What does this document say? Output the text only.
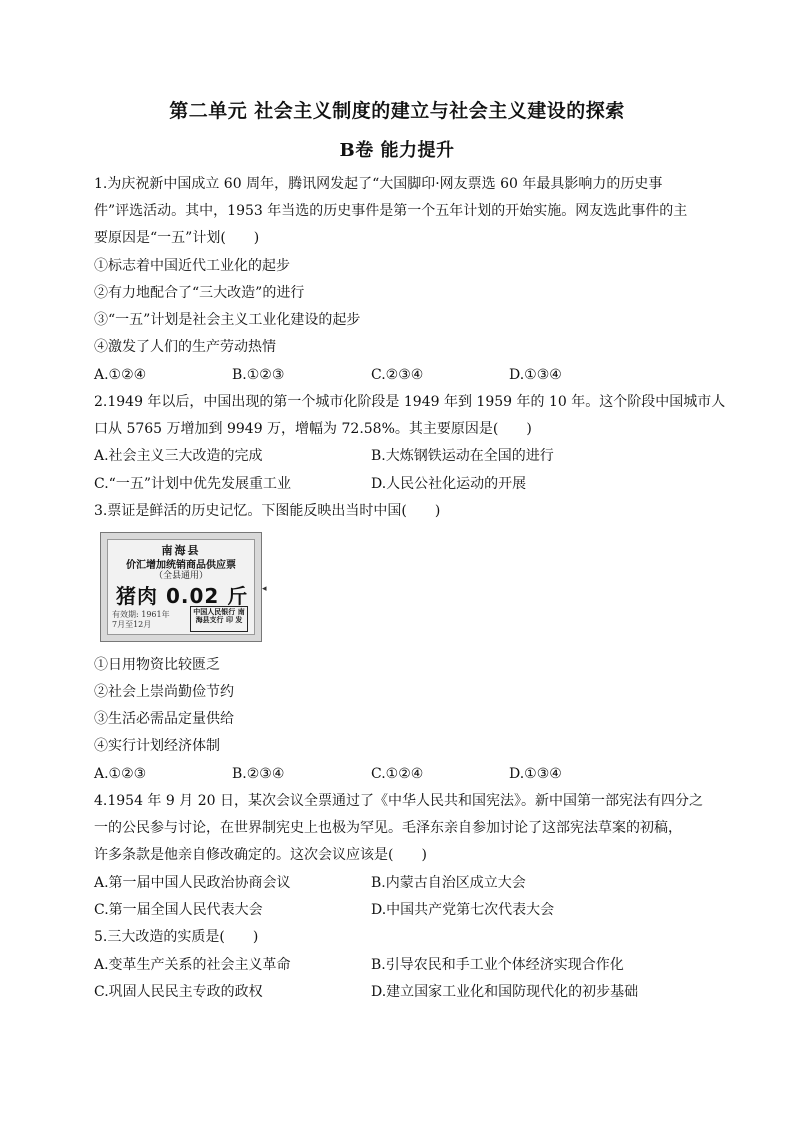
第二单元 社会主义制度的建立与社会主义建设的探索
B卷 能力提升
1.为庆祝新中国成立 60 周年，腾讯网发起了“大国脚印·网友票选 60 年最具影响力的历史事
件”评选活动。其中，1953 年当选的历史事件是第一个五年计划的开始实施。网友选此事件的主
要原因是“一五”计划(　　)
①标志着中国近代工业化的起步
②有力地配合了“三大改造”的进行
③“一五”计划是社会主义工业化建设的起步
④激发了人们的生产劳动热情
A.①②④	B.①②③	C.②③④	D.①③④
2.1949 年以后，中国出现的第一个城市化阶段是 1949 年到 1959 年的 10 年。这个阶段中国城市人
口从 5765 万增加到 9949 万，增幅为 72.58%。其主要原因是(　　)
A.社会主义三大改造的完成	B.大炼钢铁运动在全国的进行
C.“一五”计划中优先发展重工业	D.人民公社化运动的开展
3.票证是鲜活的历史记忆。下图能反映出当时中国(　　)
南海县
价汇增加统销商品供应票
（全县通用）
猪肉 0.02 斤
有效期: 1961年 7月至12月
中国人民银行 南海县支行 印 发
◂
①日用物资比较匮乏
②社会上崇尚勤俭节约
③生活必需品定量供给
④实行计划经济体制
A.①②③	B.②③④	C.①②④	D.①③④
4.1954 年 9 月 20 日，某次会议全票通过了《中华人民共和国宪法》。新中国第一部宪法有四分之
一的公民参与讨论，在世界制宪史上也极为罕见。毛泽东亲自参加讨论了这部宪法草案的初稿，
许多条款是他亲自修改确定的。这次会议应该是(　　)
A.第一届中国人民政治协商会议	B.内蒙古自治区成立大会
C.第一届全国人民代表大会	D.中国共产党第七次代表大会
5.三大改造的实质是(　　)
A.变革生产关系的社会主义革命	B.引导农民和手工业个体经济实现合作化
C.巩固人民民主专政的政权	D.建立国家工业化和国防现代化的初步基础
